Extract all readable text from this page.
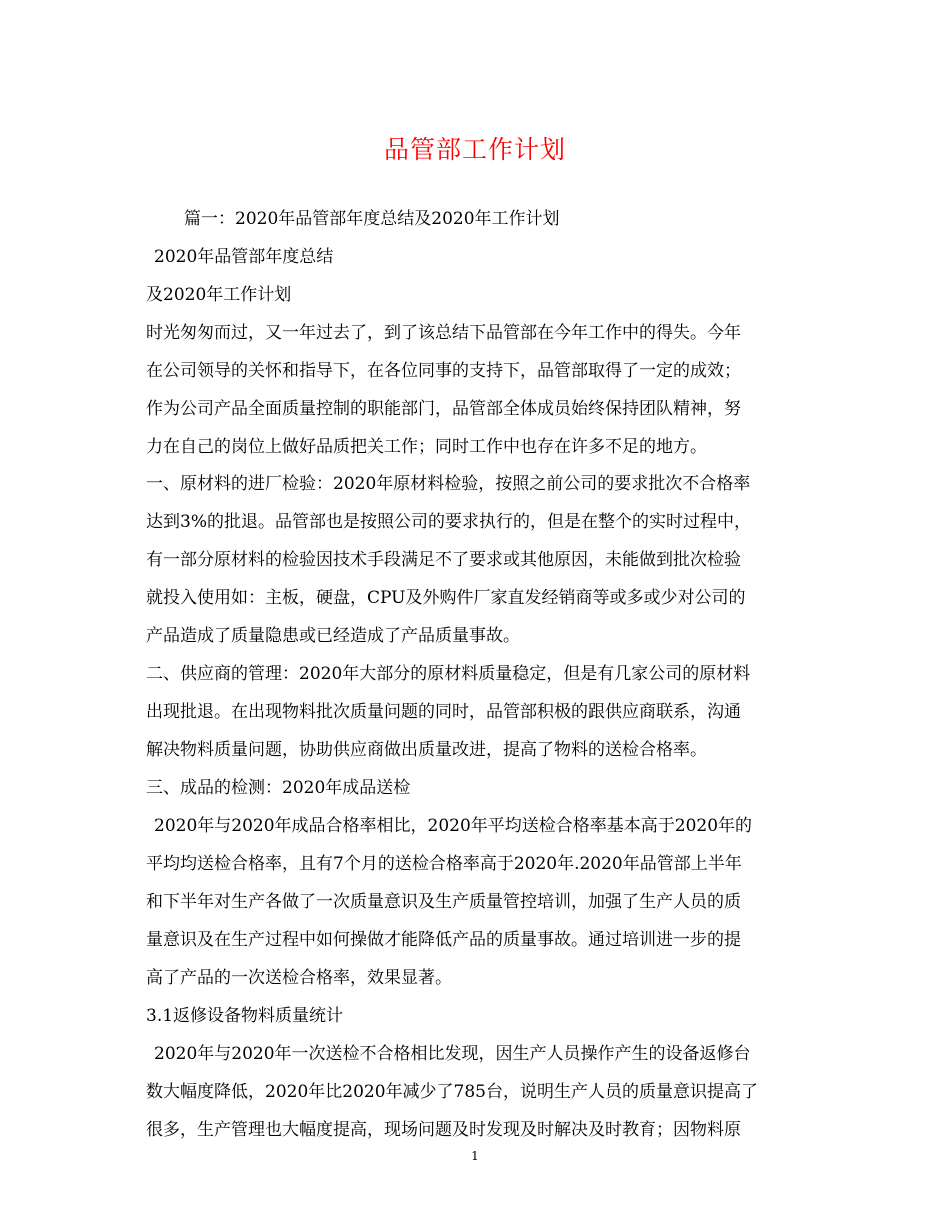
品管部工作计划
篇一：2020年品管部年度总结及2020年工作计划
2020年品管部年度总结
及2020年工作计划
时光匆匆而过，又一年过去了，到了该总结下品管部在今年工作中的得失。今年
在公司领导的关怀和指导下，在各位同事的支持下，品管部取得了一定的成效；
作为公司产品全面质量控制的职能部门，品管部全体成员始终保持团队精神，努
力在自己的岗位上做好品质把关工作；同时工作中也存在许多不足的地方。
一、原材料的进厂检验：2020年原材料检验，按照之前公司的要求批次不合格率
达到3%的批退。品管部也是按照公司的要求执行的，但是在整个的实时过程中，
有一部分原材料的检验因技术手段满足不了要求或其他原因，未能做到批次检验
就投入使用如：主板，硬盘，CPU及外购件厂家直发经销商等或多或少对公司的
产品造成了质量隐患或已经造成了产品质量事故。
二、供应商的管理：2020年大部分的原材料质量稳定，但是有几家公司的原材料
出现批退。在出现物料批次质量问题的同时，品管部积极的跟供应商联系，沟通
解决物料质量问题，协助供应商做出质量改进，提高了物料的送检合格率。
三、成品的检测：2020年成品送检
2020年与2020年成品合格率相比，2020年平均送检合格率基本高于2020年的
平均均送检合格率，且有7个月的送检合格率高于2020年.2020年品管部上半年
和下半年对生产各做了一次质量意识及生产质量管控培训，加强了生产人员的质
量意识及在生产过程中如何操做才能降低产品的质量事故。通过培训进一步的提
高了产品的一次送检合格率，效果显著。
3.1返修设备物料质量统计
2020年与2020年一次送检不合格相比发现，因生产人员操作产生的设备返修台
数大幅度降低，2020年比2020年减少了785台，说明生产人员的质量意识提高了
很多，生产管理也大幅度提高，现场问题及时发现及时解决及时教育；因物料原
1
